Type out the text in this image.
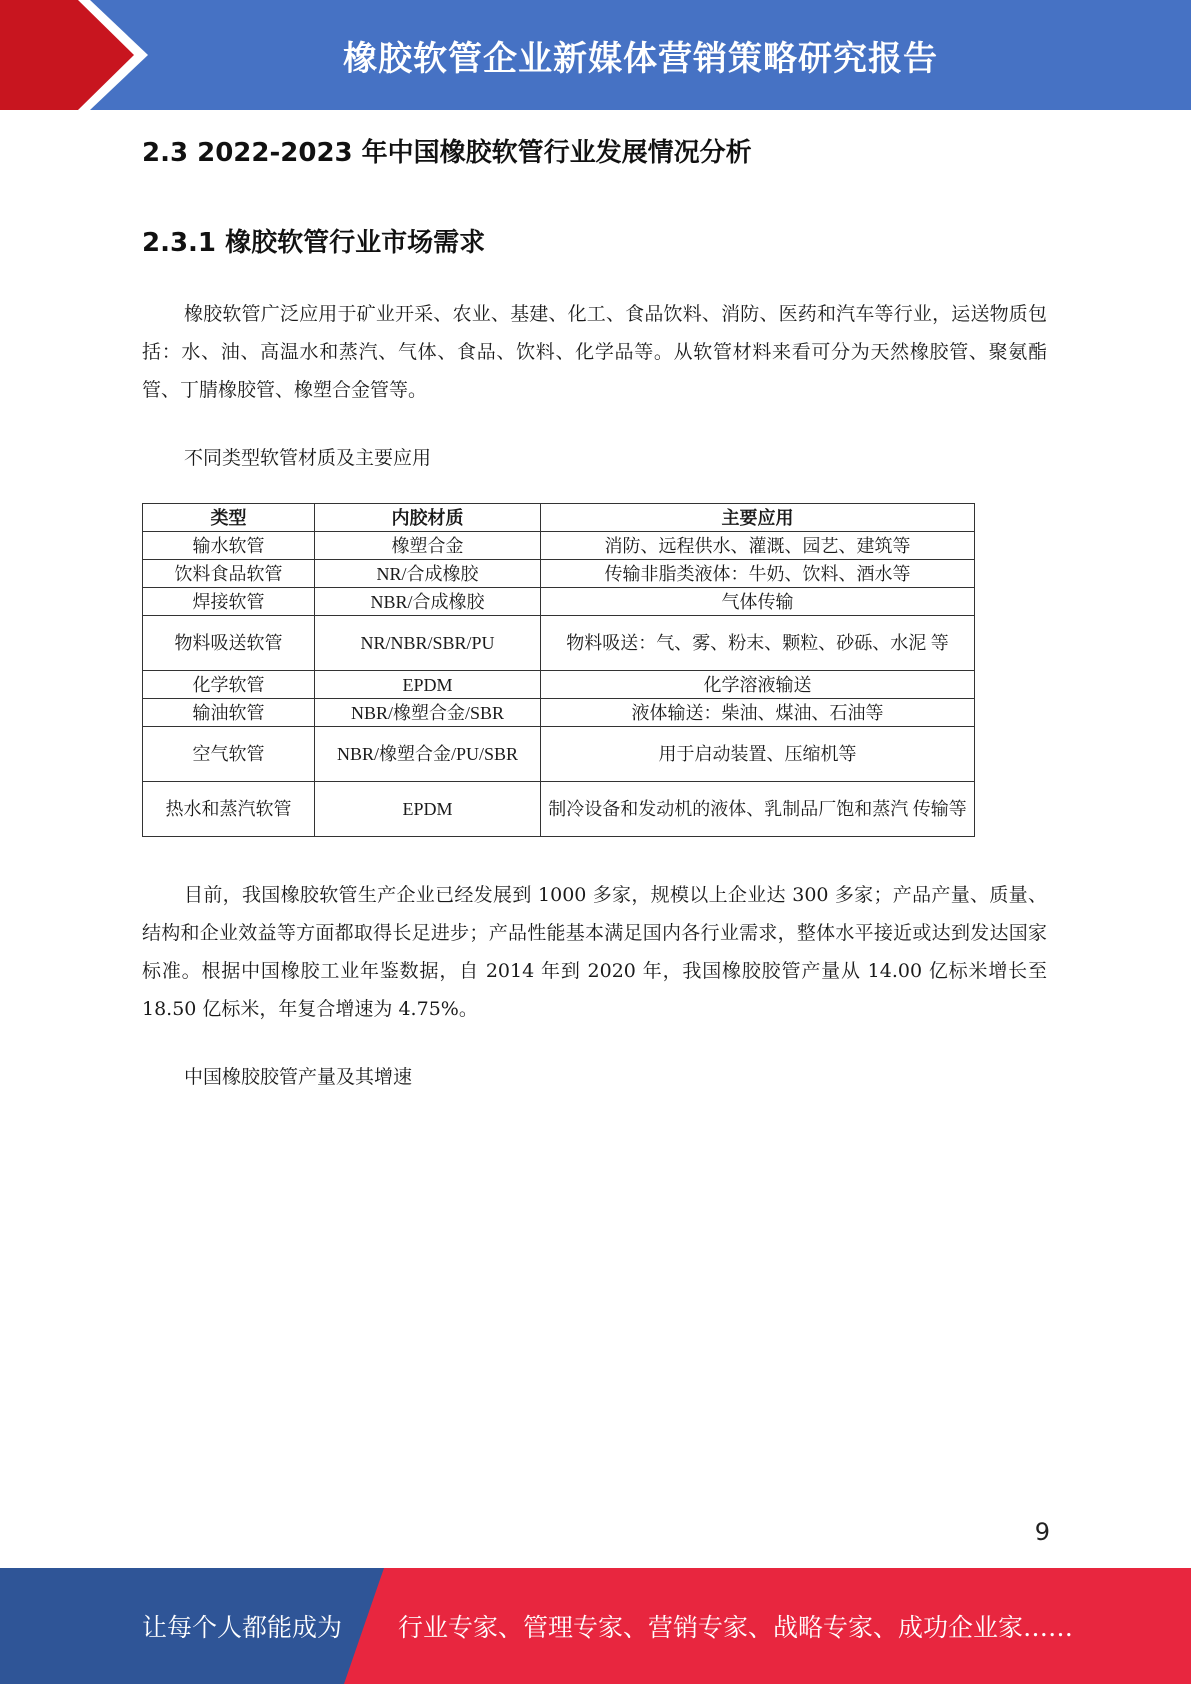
橡胶软管企业新媒体营销策略研究报告
2.3 2022-2023 年中国橡胶软管行业发展情况分析
2.3.1 橡胶软管行业市场需求

橡胶软管广泛应用于矿业开采、农业、基建、化工、食品饮料、消防、医药和汽车等行业，运送物质包括：水、油、高温水和蒸汽、气体、食品、饮料、化学品等。从软管材料来看可分为天然橡胶管、聚氨酯管、丁腈橡胶管、橡塑合金管等。

不同类型软管材质及主要应用
类型	内胶材质	主要应用
输水软管	橡塑合金	消防、远程供水、灌溉、园艺、建筑等
饮料食品软管	NR/合成橡胶	传输非脂类液体：牛奶、饮料、酒水等
焊接软管	NBR/合成橡胶	气体传输
物料吸送软管	NR/NBR/SBR/PU	物料吸送：气、雾、粉末、颗粒、砂砾、水泥 等
化学软管	EPDM	化学溶液输送
输油软管	NBR/橡塑合金/SBR	液体输送：柴油、煤油、石油等
空气软管	NBR/橡塑合金/PU/SBR	用于启动装置、压缩机等
热水和蒸汽软管	EPDM	制冷设备和发动机的液体、乳制品厂饱和蒸汽 传输等

目前，我国橡胶软管生产企业已经发展到 1000 多家，规模以上企业达 300 多家；产品产量、质量、结构和企业效益等方面都取得长足进步；产品性能基本满足国内各行业需求，整体水平接近或达到发达国家标准。根据中国橡胶工业年鉴数据，自 2014 年到 2020 年，我国橡胶胶管产量从 14.00 亿标米增长至 18.50 亿标米，年复合增速为 4.75%。

中国橡胶胶管产量及其增速
9
让每个人都能成为 行业专家、管理专家、营销专家、战略专家、成功企业家……
